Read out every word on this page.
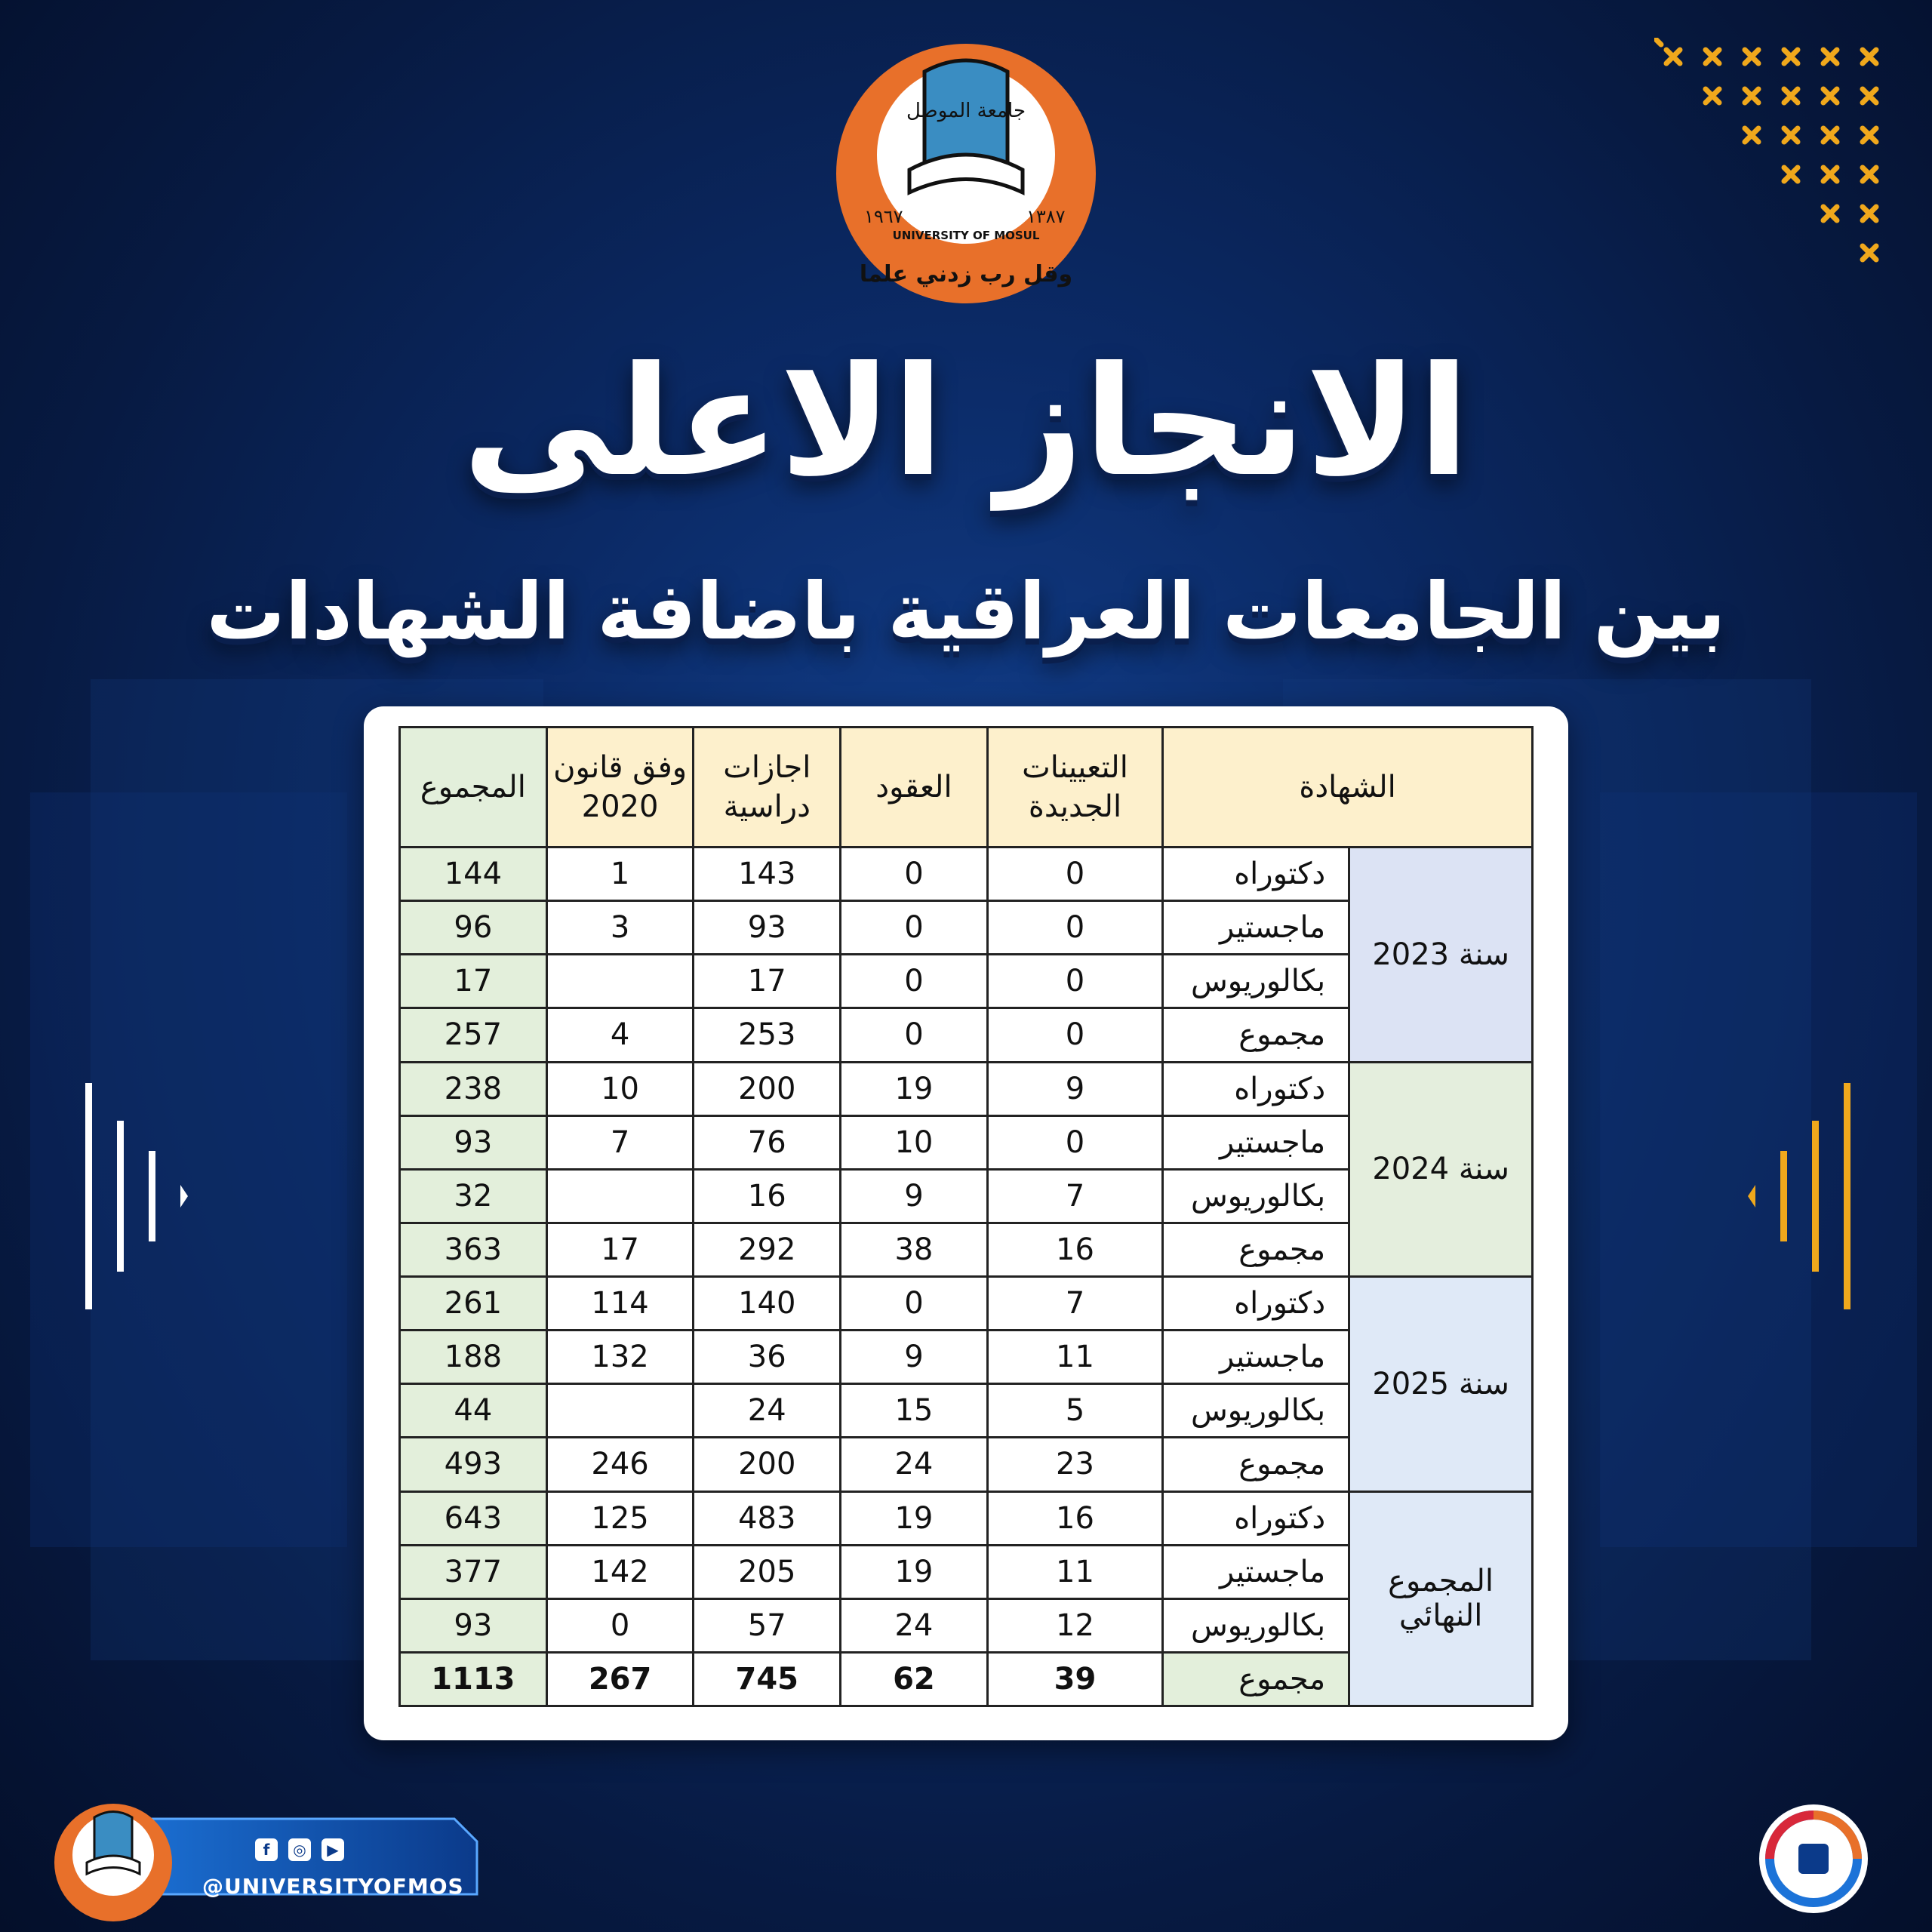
جامعة الموصل
UNIVERSITY OF MOSUL
وقل رب زدني علما
١٩٦٧	١٣٨٧
الانجاز الاعلى
بين الجامعات العراقية باضافة الشهادات
الشهادة		التعيينات الجديدة	العقود	اجازات دراسية	وفق قانون 2020	المجموع
سنة 2023	دكتوراه	0	0	143	1	144
	ماجستير	0	0	93	3	96
	بكالوريوس	0	0	17		17
	مجموع	0	0	253	4	257
سنة 2024	دكتوراه	9	19	200	10	238
	ماجستير	0	10	76	7	93
	بكالوريوس	7	9	16		32
	مجموع	16	38	292	17	363
سنة 2025	دكتوراه	7	0	140	114	261
	ماجستير	11	9	36	132	188
	بكالوريوس	5	15	24		44
	مجموع	23	24	200	246	493
المجموع النهائي	دكتوراه	16	19	483	125	643
	ماجستير	11	19	205	142	377
	بكالوريوس	12	24	57	0	93
	مجموع	39	62	745	267	1113
f	◎	▶
@UNIVERSITYOFMOS
